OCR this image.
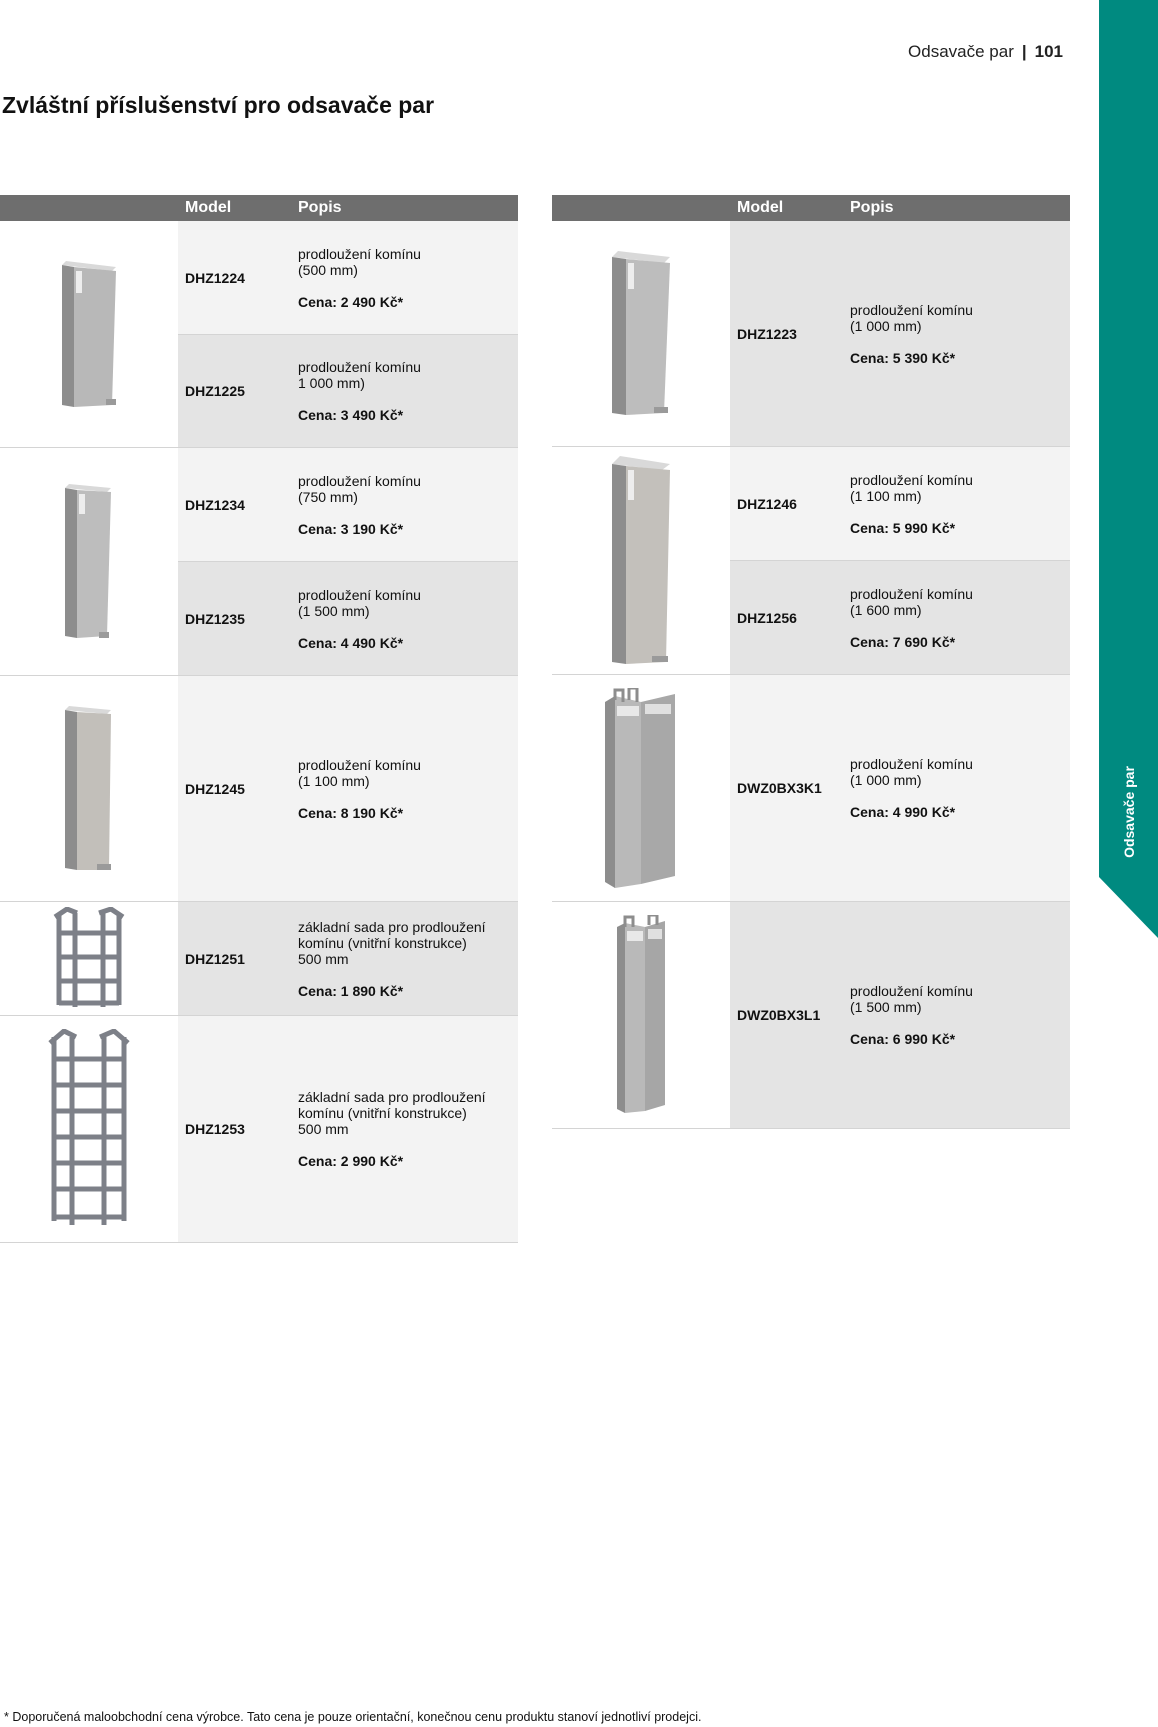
Odsavače par | 101
Zvláštní příslušenství pro odsavače par
Odsavače par
Model	Popis
DHZ1224
prodloužení komínu
(500 mm)
Cena: 2 490 Kč*
DHZ1225
prodloužení komínu
1 000 mm)
Cena: 3 490 Kč*
DHZ1234
prodloužení komínu
(750 mm)
Cena: 3 190 Kč*
DHZ1235
prodloužení komínu
(1 500 mm)
Cena: 4 490 Kč*
DHZ1245
prodloužení komínu
(1 100 mm)
Cena: 8 190 Kč*
DHZ1251
základní sada pro prodloužení
komínu (vnitřní konstrukce)
500 mm
Cena: 1 890 Kč*
DHZ1253
základní sada pro prodloužení
komínu (vnitřní konstrukce)
500 mm
Cena: 2 990 Kč*
Model	Popis
DHZ1223
prodloužení komínu
(1 000 mm)
Cena: 5 390 Kč*
DHZ1246
prodloužení komínu
(1 100 mm)
Cena: 5 990 Kč*
DHZ1256
prodloužení komínu
(1 600 mm)
Cena: 7 690 Kč*
DWZ0BX3K1
prodloužení komínu
(1 000 mm)
Cena: 4 990 Kč*
DWZ0BX3L1
prodloužení komínu
(1 500 mm)
Cena: 6 990 Kč*
* Doporučená maloobchodní cena výrobce. Tato cena je pouze orientační, konečnou cenu produktu stanoví jednotliví prodejci.
